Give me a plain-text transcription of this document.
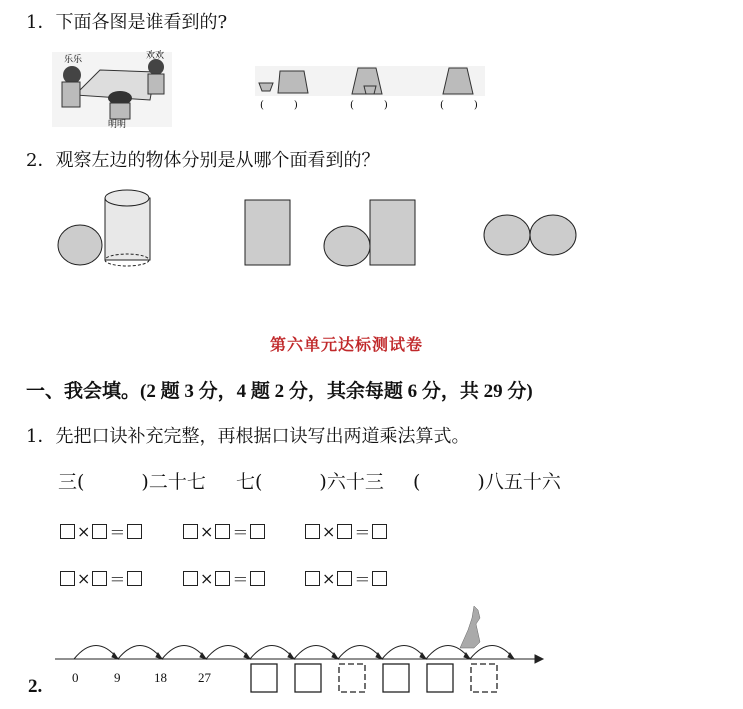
1．下面各图是谁看到的?
乐乐	欢欢
明明
(　　　)	(　　　)	(　　　)
2．观察左边的物体分别是从哪个面看到的？
第六单元达标测试卷
一、我会填。(2 题 3 分，4 题 2 分，其余每题 6 分，共 29 分)
1．先把口诀补充完整，再根据口诀写出两道乘法算式。
三(　　　)二十七 七(　　　)六十三 (　　　)八五十六
× ＝	× ＝	× ＝
× ＝	× ＝	× ＝
2. 0	9	18 27
